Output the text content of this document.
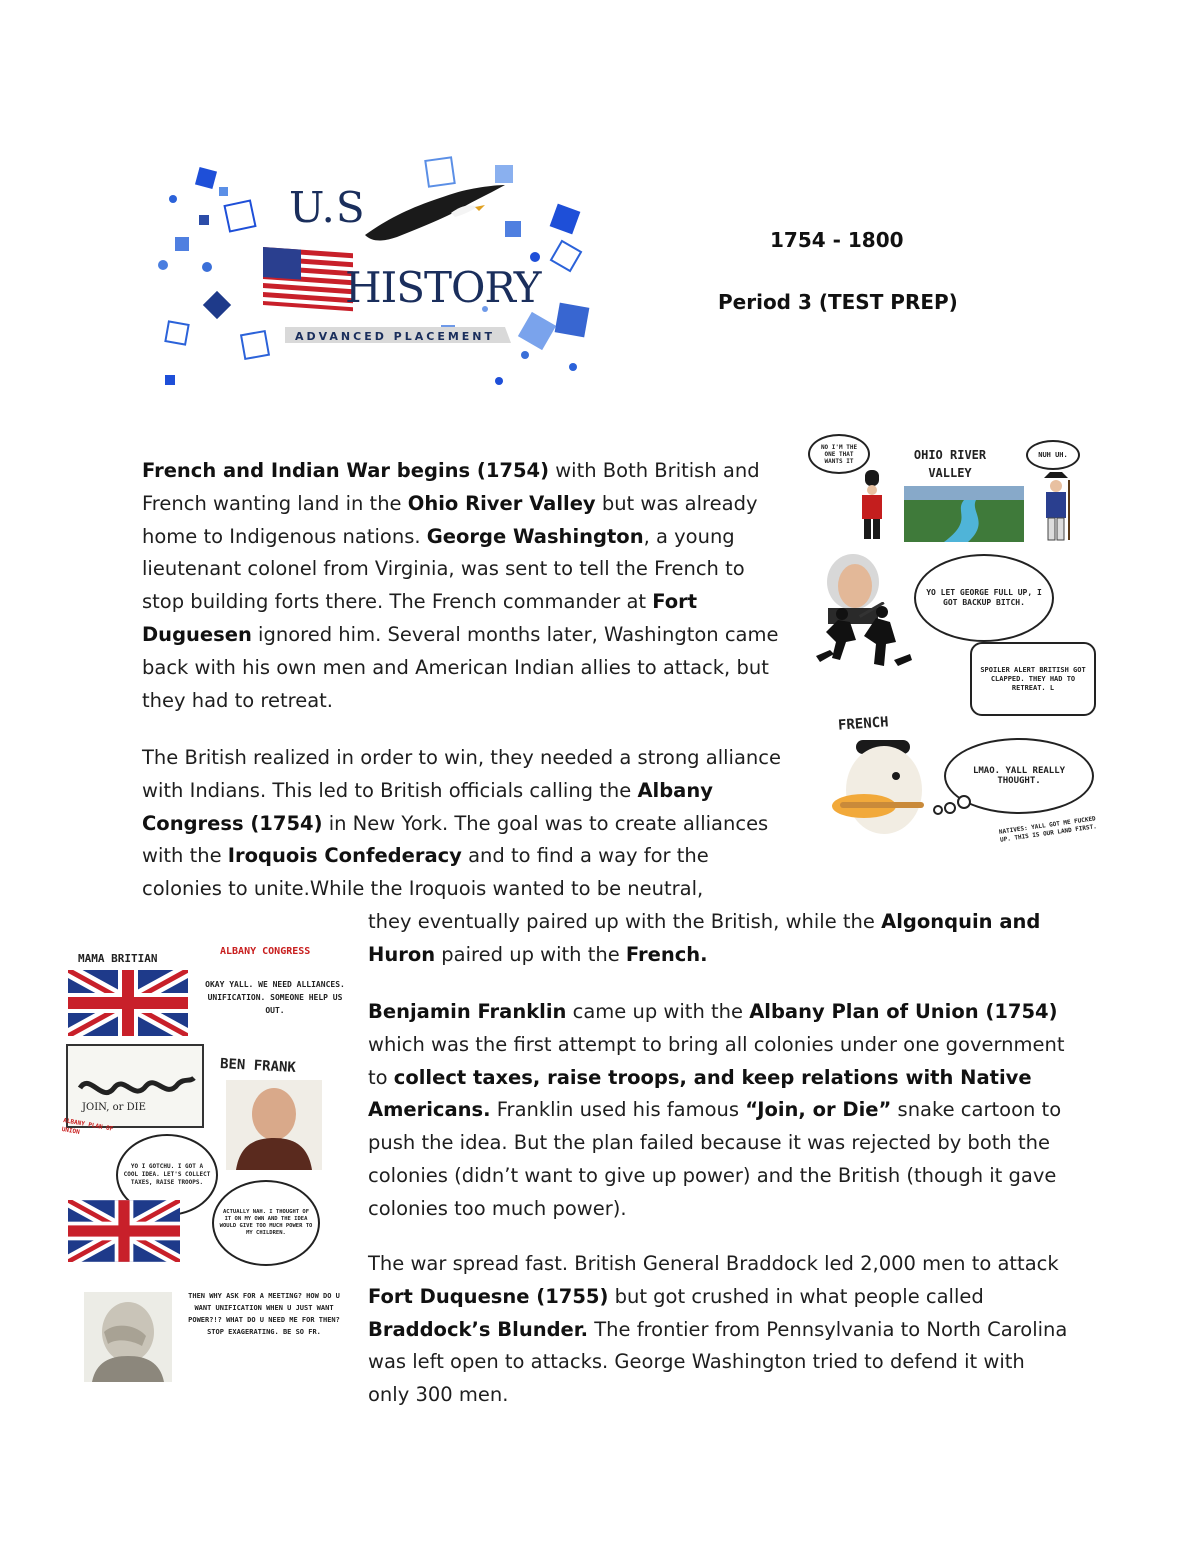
U.S
HISTORY
ADVANCED PLACEMENT
1754 - 1800
Period 3 (TEST PREP)
French and Indian War begins (1754) with Both British and French wanting land in the Ohio River Valley but was already home to Indigenous nations. George Washington, a young lieutenant colonel from Virginia, was sent to tell the French to stop building forts there. The French commander at Fort Duguesen ignored him. Several months later, Washington came back with his own men and American Indian allies to attack, but they had to retreat.
The British realized in order to win, they needed a strong alliance with Indians. This led to British officials calling the Albany Congress (1754) in New York. The goal was to create alliances with the Iroquois Confederacy and to find a way for the colonies to unite.While the Iroquois wanted to be neutral,
they eventually paired up with the British, while the Algonquin and Huron paired up with the French.
Benjamin Franklin came up with the Albany Plan of Union (1754) which was the first attempt to bring all colonies under one government to collect taxes, raise troops, and keep relations with Native Americans. Franklin used his famous “Join, or Die” snake cartoon to push the idea. But the plan failed because it was rejected by both the colonies (didn’t want to give up power) and the British (though it gave colonies too much power).
The war spread fast. British General Braddock led 2,000 men to attack Fort Duquesne (1755) but got crushed in what people called Braddock’s Blunder. The frontier from Pennsylvania to North Carolina was left open to attacks. George Washington tried to defend it with only 300 men.
NO I'M THE ONE THAT WANTS IT	OHIO RIVER VALLEY
NUH UH.
YO LET GEORGE FULL UP, I GOT BACKUP BITCH.
SPOILER ALERT BRITISH GOT CLAPPED. THEY HAD TO RETREAT. L
FRENCH
LMAO. YALL REALLY THOUGHT.
NATIVES: YALL GOT ME FUCKED UP. THIS IS OUR LAND FIRST.
MAMA BRITIAN
ALBANY CONGRESS
OKAY YALL. WE NEED ALLIANCES. UNIFICATION. SOMEONE HELP US OUT.
JOIN, or DIE
BEN FRANK
ALBANY PLAN OF UNION
YO I GOTCHU. I GOT A COOL IDEA. LET'S COLLECT TAXES, RAISE TROOPS.
ACTUALLY NAH. I THOUGHT OF IT ON MY OWN AND THE IDEA WOULD GIVE TOO MUCH POWER TO MY CHILDREN.
THEN WHY ASK FOR A MEETING? HOW DO U WANT UNIFICATION WHEN U JUST WANT POWER?!? WHAT DO U NEED ME FOR THEN? STOP EXAGERATING. BE SO FR.
